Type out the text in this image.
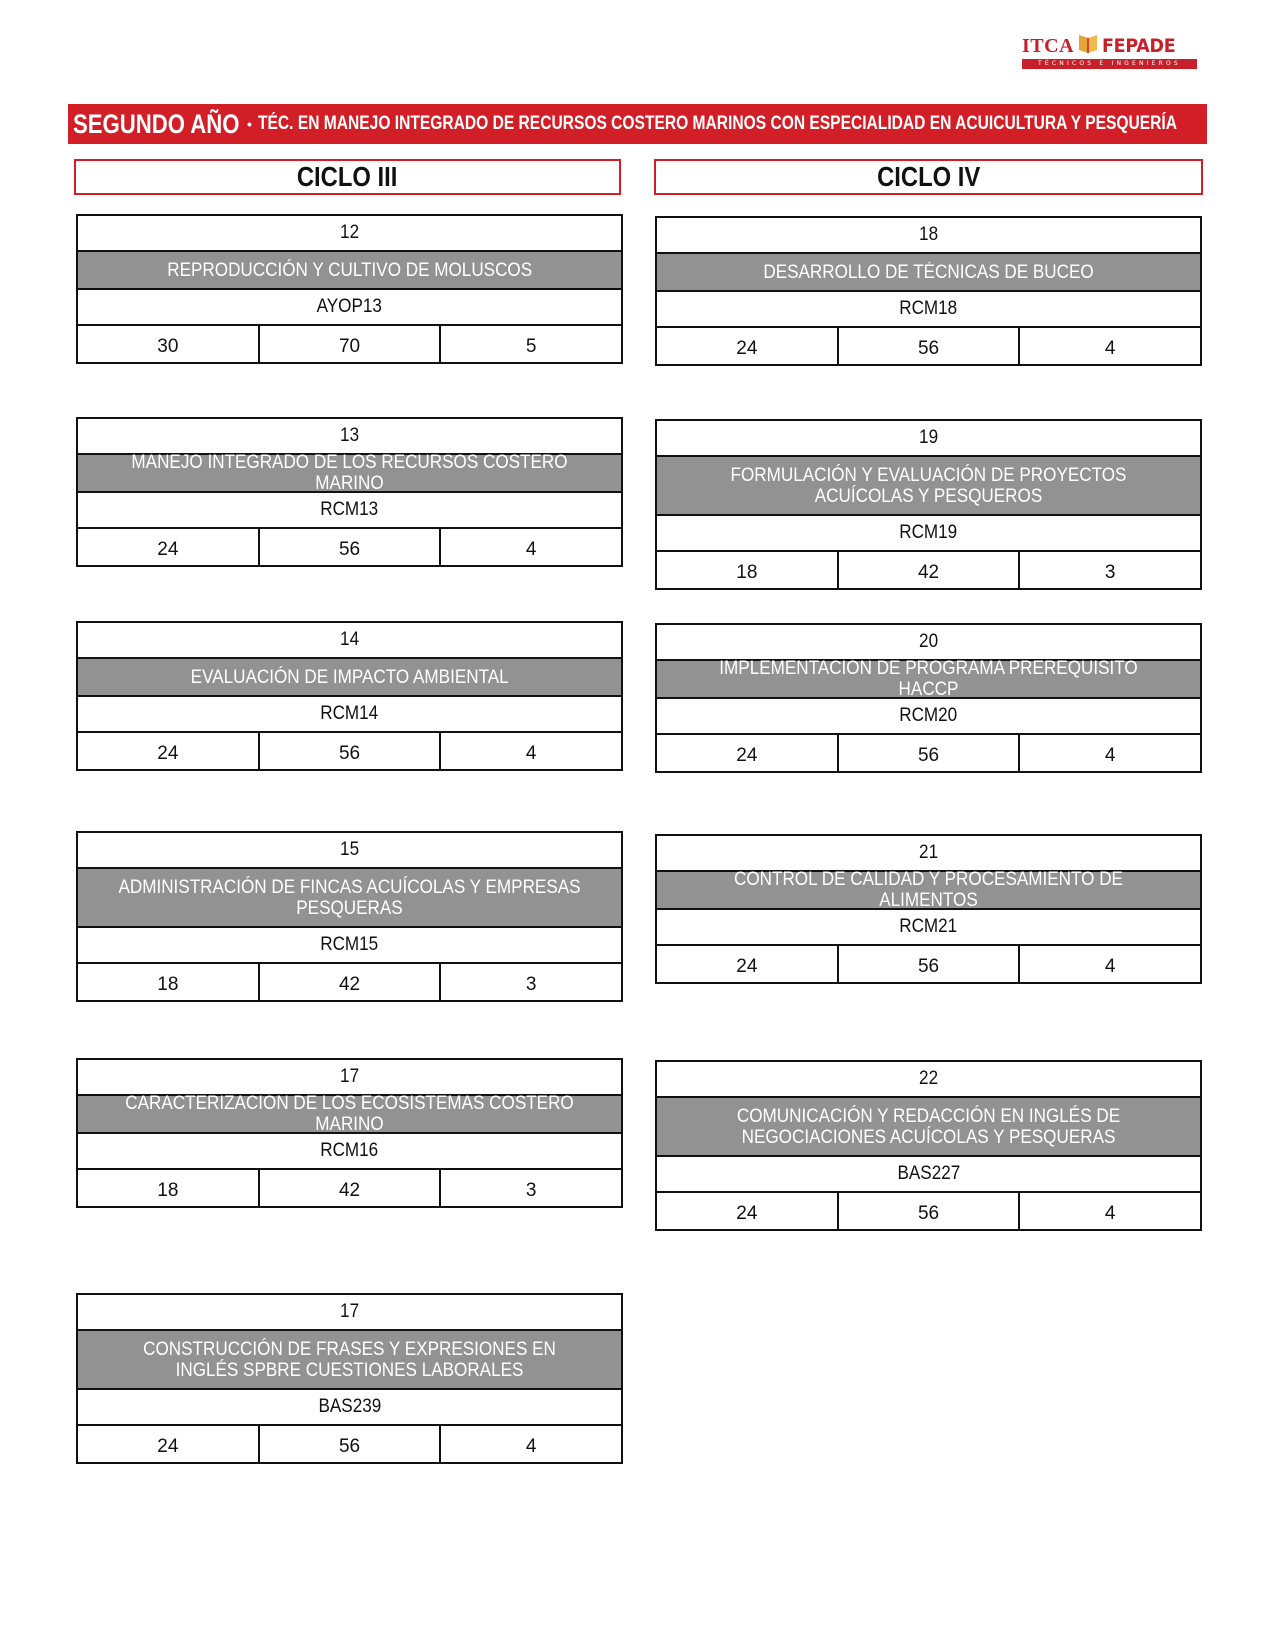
ITCA FEPADE
TÉCNICOS E INGENIEROS
SEGUNDO AÑO • TÉC. EN MANEJO INTEGRADO DE RECURSOS COSTERO MARINOS CON ESPECIALIDAD EN ACUICULTURA Y PESQUERÍA
CICLO III	CICLO IV
12
REPRODUCCIÓN Y CULTIVO DE MOLUSCOS
AYOP13
30	70	5
13
MANEJO INTEGRADO DE LOS RECURSOS COSTERO MARINO
RCM13
24	56	4
14
EVALUACIÓN DE IMPACTO AMBIENTAL
RCM14
24	56	4
15
ADMINISTRACIÓN DE FINCAS ACUÍCOLAS Y EMPRESAS PESQUERAS
RCM15
18	42	3
17
CARACTERIZACIÓN DE LOS ECOSISTEMAS COSTERO MARINO
RCM16
18	42	3
17
CONSTRUCCIÓN DE FRASES Y EXPRESIONES EN INGLÉS SPBRE CUESTIONES LABORALES
BAS239
24	56	4
18
DESARROLLO DE TÉCNICAS DE BUCEO
RCM18
24	56	4
19
FORMULACIÓN Y EVALUACIÓN DE PROYECTOS ACUÍCOLAS Y PESQUEROS
RCM19
18	42	3
20
IMPLEMENTACIÓN DE PROGRAMA PREREQUISITO HACCP
RCM20
24	56	4
21
CONTROL DE CALIDAD Y PROCESAMIENTO DE ALIMENTOS
RCM21
24	56	4
22
COMUNICACIÓN Y REDACCIÓN EN INGLÉS DE NEGOCIACIONES ACUÍCOLAS Y PESQUERAS
BAS227
24	56	4
